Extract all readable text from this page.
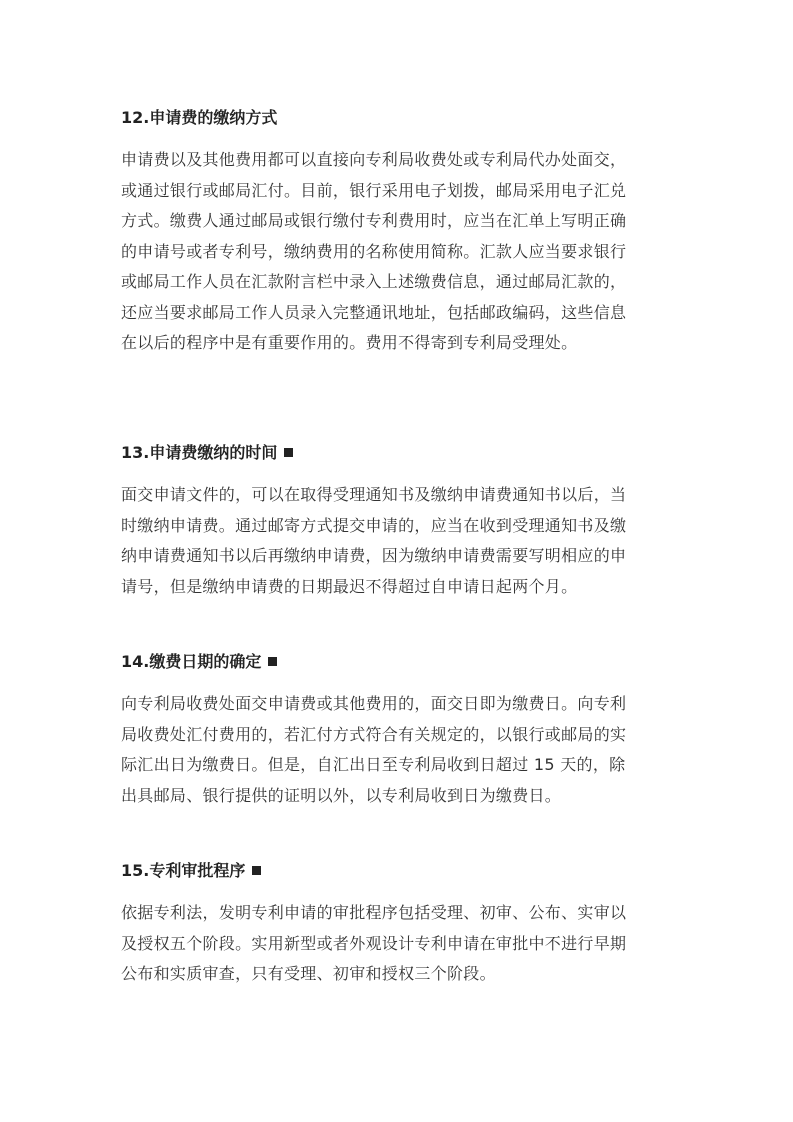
12.申请费的缴纳方式

申请费以及其他费用都可以直接向专利局收费处或专利局代办处面交，
或通过银行或邮局汇付。目前，银行采用电子划拨，邮局采用电子汇兑
方式。缴费人通过邮局或银行缴付专利费用时，应当在汇单上写明正确
的申请号或者专利号，缴纳费用的名称使用简称。汇款人应当要求银行
或邮局工作人员在汇款附言栏中录入上述缴费信息，通过邮局汇款的，
还应当要求邮局工作人员录入完整通讯地址，包括邮政编码，这些信息
在以后的程序中是有重要作用的。费用不得寄到专利局受理处。

13.申请费缴纳的时间

面交申请文件的，可以在取得受理通知书及缴纳申请费通知书以后，当
时缴纳申请费。通过邮寄方式提交申请的，应当在收到受理通知书及缴
纳申请费通知书以后再缴纳申请费，因为缴纳申请费需要写明相应的申
请号，但是缴纳申请费的日期最迟不得超过自申请日起两个月。

14.缴费日期的确定

向专利局收费处面交申请费或其他费用的，面交日即为缴费日。向专利
局收费处汇付费用的，若汇付方式符合有关规定的，以银行或邮局的实
际汇出日为缴费日。但是，自汇出日至专利局收到日超过 15 天的，除
出具邮局、银行提供的证明以外，以专利局收到日为缴费日。

15.专利审批程序

依据专利法，发明专利申请的审批程序包括受理、初审、公布、实审以
及授权五个阶段。实用新型或者外观设计专利申请在审批中不进行早期
公布和实质审查，只有受理、初审和授权三个阶段。
